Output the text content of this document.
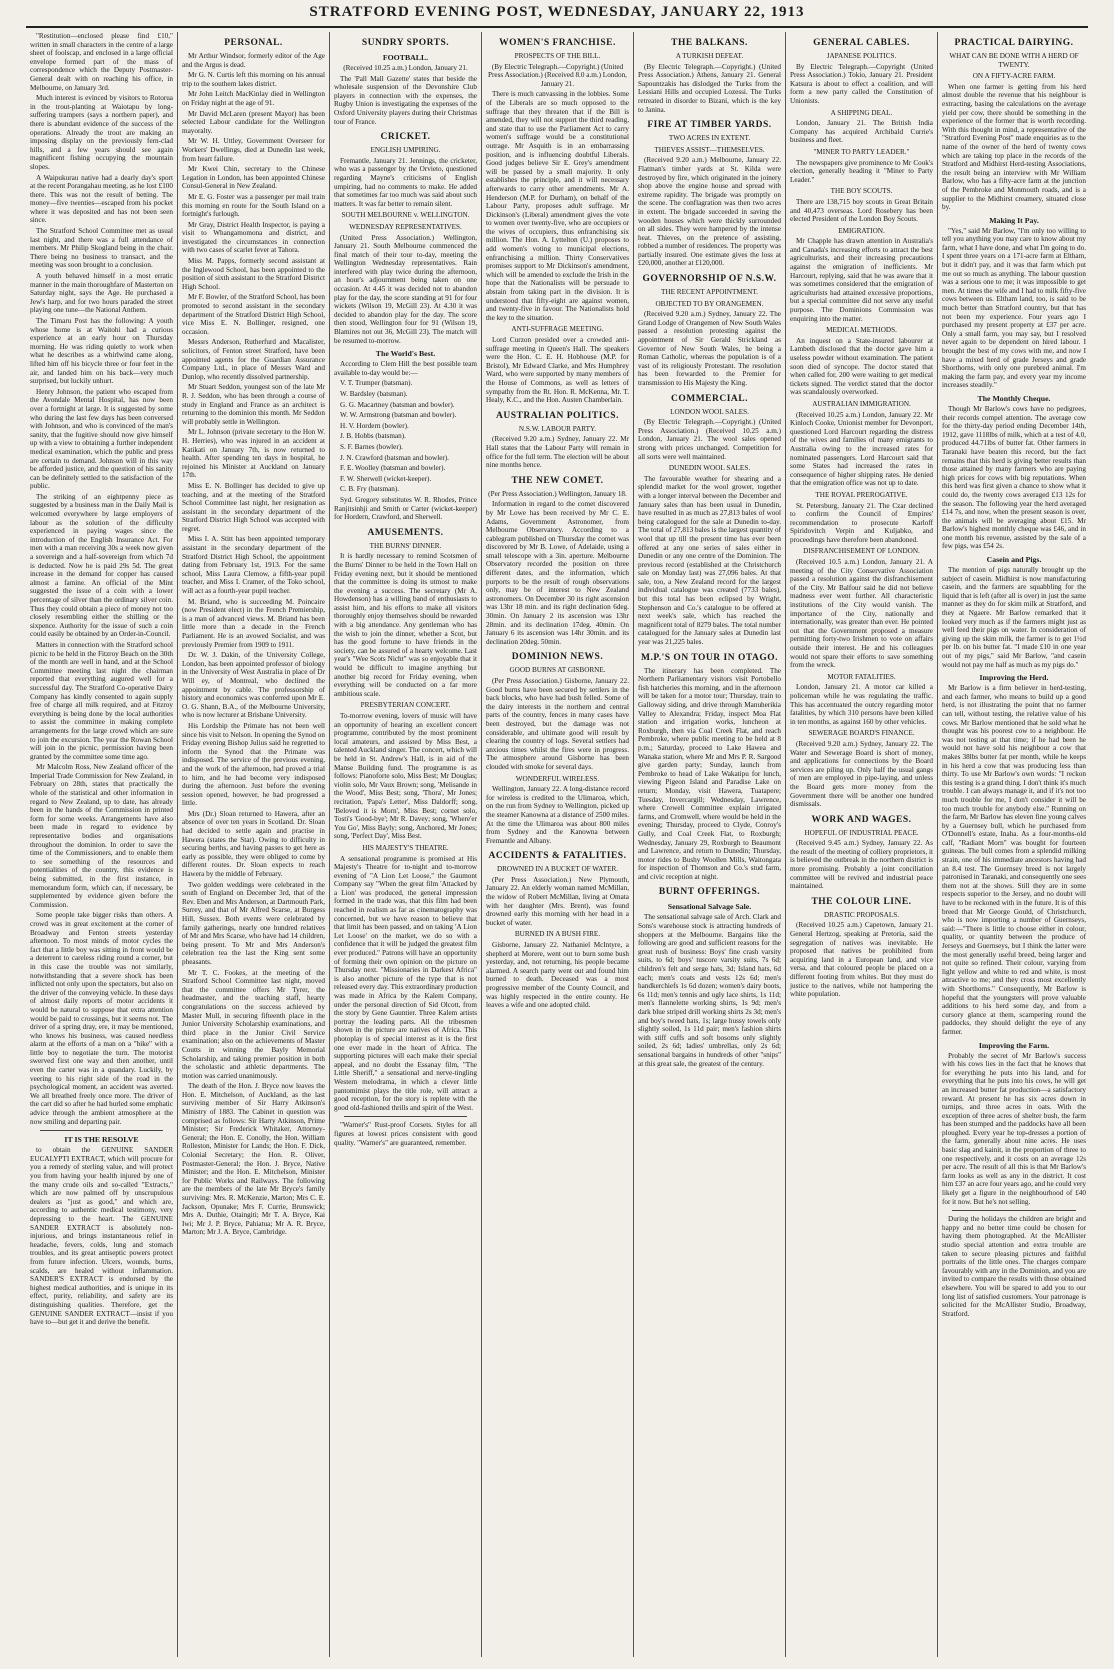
STRATFORD EVENING POST, WEDNESDAY, JANUARY 22, 1913

"Restitution—enclosed please find £10," written in small characters in the centre of a large sheet of foolscap, and enclosed in a large official envelope formed part of the mass of correspondence which the Deputy Postmaster-General dealt with on reaching his office, in Melbourne, on January 3rd.

Much interest is evinced by visitors to Rotorua in the trout-planting at Waiotapu by long-suffering trampers (says a northern paper), and there is abundant evidence of the success of the operations. Already the trout are making an imposing display on the previously fern-clad hills, and a few years should see again magnificent fishing occupying the mountain slopes.

A Waipukurau native had a dearly day's sport at the recent Porangahau meeting, as he lost £100 there. This was not the result of betting. The money—five twenties—escaped from his pocket where it was deposited and has not been seen since.

The Stratford School Committee met as usual last night, and there was a full attendance of members. Mr Philip Skogland being in the chair. There being no business to transact, and the meeting was soon brought to a conclusion.

A youth behaved himself in a most erratic manner in the main thoroughfare of Masterton on Saturday night, says the Age. He purchased a Jew's harp, and for two hours paraded the street playing one tune—the National Anthem.

The Timaru Post has the following: A youth whose home is at Waitohi had a curious experience at an early hour on Thursday morning. He was riding quietly to work when what he describes as a whirlwind came along, lifted him off his bicycle three or four feet in the air, and landed him on his back—very much surprised, but luckily unhurt.

Henry Johnson, the patient who escaped from the Avondale Mental Hospital, has now been over a fortnight at large. It is suggested by some who during the last few days has been conversed with Johnson, and who is convinced of the man's sanity, that the fugitive should now give himself up with a view to obtaining a further independent medical examination, which the public and press are certain to demand. Johnson will in this way be afforded justice, and the question of his sanity can be definitely settled to the satisfaction of the public.

The striking of an eightpenny piece as suggested by a business man in the Daily Mail is welcomed everywhere by large employers of labour as the solution of the difficulty experienced in paying wages since the introduction of the English Insurance Act. For men with a man receiving 30s a week now given a sovereign and a half-sovereign from which 7d is deducted. Now he is paid 29s 5d. The great increase in the demand for copper has caused almost a famine. An official of the Mint suggested the issue of a coin with a lower percentage of silver than the ordinary silver coin. Thus they could obtain a piece of money not too closely resembling either the shilling or the sixpence. Authority for the issue of such a coin could easily be obtained by an Order-in-Council.

Matters in connection with the Stratford school picnic to be held in the Fitzroy Beach on the 30th of the month are well in hand, and at the School Committee meeting last night the chairman reported that everything augured well for a successful day. The Stratford Co-operative Dairy Company has kindly consented to again supply free of charge all milk required, and at Fitzroy everything is being done by the local authorities to assist the committee in making complete arrangements for the large crowd which are sure to join the excursion. The year the Rowan School will join in the picnic, permission having been granted by the committee some time ago.

Mr Malcolm Ross, New Zealand officer of the Imperial Trade Commission for New Zealand, in February on 28th, states that practically the whole of the statistical and other information in regard to New Zealand, up to date, has already been in the hands of the Commission in printed form for some weeks. Arrangements have also been made in regard to evidence by representative bodies and organisations throughout the dominion. In order to save the time of the Commissioners, and to enable them to see something of the resources and potentialities of the country, this evidence is being submitted, in the first instance, in memorandum form, which can, if necessary, be supplemented by evidence given before the Commission.

Some people take bigger risks than others. A crowd was in great excitement at the corner of Broadway and Fenton streets yesterday afternoon. To most minds of motor cycles the fact that a little boy was sitting in front would be a deterrent to careless riding round a corner, but in this case the trouble was not similarly, notwithstanding that a severe shock has been inflicted not only upon the spectators, but also on the driver of the conveying vehicle. In these days of almost daily reports of motor accidents it would be natural to suppose that extra attention would be paid to crossings, but it seems not. The driver of a spring dray, ere, it may be mentioned, who knows his business, was caused needless alarm at the efforts of a man on a "bike" with a little boy to negotiate the turn. The motorist swerved first one way and then another, until even the carter was in a quandary. Luckily, by veering to his right side of the road in the psychological moment, an accident was averted. We all breathed freely once more. The driver of the cart did so after he had hurled some emphatic advice through the ambient atmosphere at the now smiling and departing pair.

IT IS THE RESOLVE

to obtain the GENUINE SANDER EUCALYPTI EXTRACT, which will procure for you a remedy of sterling value, and will protect you from having your health injured by one of the many crude oils and so-called "Extracts," which are now palmed off by unscrupulous dealers as "just as good," and which are, according to authentic medical testimony, very depressing to the heart. The GENUINE SANDER EXTRACT is absolutely non-injurious, and brings instantaneous relief in headache, fevers, colds, lung and stomach troubles, and its great antiseptic powers protect from future infection. Ulcers, wounds, burns, scalds, are healed without inflammation. SANDER'S EXTRACT is endorsed by the highest medical authorities, and is unique in its effect, purity, reliability, and safety are its distinguishing qualities. Therefore, get the GENUINE SANDER EXTRACT—insist if you have to—but get it and derive the benefit.

PERSONAL.

Mr Arthur Windsor, formerly editor of the Age and the Argus is dead.

Mr G. N. Curtis left this morning on his annual trip to the southern lakes district.

Mr John Leitch MacKinlay died in Wellington on Friday night at the age of 91.

Mr David McLaren (present Mayor) has been selected Labour candidate for the Wellington mayoralty.

Mr W. H. Uttley, Government Overseer for Workers' Dwellings, died at Dunedin last week, from heart failure.

Mr Kwei Chin, secretary to the Chinese Legation in London, has been appointed Chinese Consul-General in New Zealand.

Mr E. G. Foster was a passenger per mail train this morning en route for the South Island on a fortnight's furlough.

Mr Gray, District Health Inspector, is paying a visit to Whangamomona and district, and investigated the circumstances in connection with two cases of scarlet fever at Tahora.

Miss M. Papps, formerly second assistant at the Inglewood School, has been appointed to the position of sixth assistant to the Stratford District High School.

Mr F. Bowler, of the Stratford School, has been promoted to second assistant in the secondary department of the Stratford District High School, vice Miss E. N. Bollinger, resigned, one occasion.

Messrs Anderson, Rutherfurd and Macalister, solicitors, of Fenton street Stratford, have been appointed agents for the Guardian Assurance Company Ltd., in place of Messrs Ward and Dunlop, who recently dissolved partnership.

Mr Stuart Seddon, youngest son of the late Mr R. J. Seddon, who has been through a course of study in England and France as an architect is returning to the dominion this month. Mr Seddon will probably settle in Wellington.

Mr L. Johnson (private secretary to the Hon W. H. Herries), who was injured in an accident at Katikati on January 7th, is now returned to health. After spending ten days in hospital, he rejoined his Minister at Auckland on January 17th.

Miss E. N. Bollinger has decided to give up teaching, and at the meeting of the Stratford School Committee last night, her resignation as assistant in the secondary department of the Stratford District High School was accepted with regret.

Miss I. A. Stitt has been appointed temporary assistant in the secondary department of the Stratford District High School, the appointment dating from February 1st, 1913. For the same school, Miss Laura Clemow, a fifth-year pupil teacher, and Miss I. Cramer, of the Toko school, will act as a fourth-year pupil teacher.

M. Briand, who is succeeding M. Poincaire (now President elect) in the French Premiership, is a man of advanced views. M. Briand has been little more than a decade in the French Parliament. He is an avowed Socialist, and was previously Premier from 1909 to 1911.

Dr. W. J. Dakin, of the University College, London, has been appointed professor of biology in the University of West Australia in place of Dr Will ey, of Montreal, who declined the appointment by cable. The professorship of history and economics was conferred upon Mr E. O. G. Shann, B.A., of the Melbourne University, who is now lecturer at Brisbane University.

His Lordship the Primate has not been well since his visit to Nelson. In opening the Synod on Friday evening Bishop Julius said he regretted to inform the Synod that the Primate was indisposed. The service of the previous evening, and the work of the afternoon, had proved a trial to him, and he had become very indisposed during the afternoon. Just before the evening session opened, however, he had progressed a little.

Mrs (Dr.) Sloan returned to Hawera, after an absence of over ten years in Scotland. Dr. Sloan had decided to settle again and practise in Hawera (states the Star). Owing to difficulty in securing berths, and having passes to get here as early as possible, they were obliged to come by different routes. Dr. Sloan expects to reach Hawera by the middle of February.

Two golden weddings were celebrated in the south of England on December 3rd, that of the Rev. Eben and Mrs Anderson, at Dartmouth Park, Surrey, and that of Mr Alfred Scarse, at Burgess Hill, Sussex. Both events were celebrated by family gatherings, nearly one hundred relatives of Mr and Mrs Scarse, who have had 14 children, being present. To Mr and Mrs Anderson's celebration tea the last the King sent some pheasants.

Mr T. C. Fookes, at the meeting of the Stratford School Committee last night, moved that the committee offers Mr Tyrer, the headmaster, and the teaching staff, hearty congratulations on the success achieved by Master Mull, in securing fifteenth place in the Junior University Scholarship examinations, and third place in the Junior Civil Service examination; also on the achievements of Master Coutts in winning the Bayly Memorial Scholarship, and taking premier position in both the scholastic and athletic departments. The motion was carried unanimously.

The death of the Hon. J. Bryce now leaves the Hon. E. Mitchelson, of Auckland, as the last surviving member of Sir Harry Atkinson's Ministry of 1883. The Cabinet in question was comprised as follows: Sir Harry Atkinson, Prime Minister; Sir Frederick Whitaker, Attorney-General; the Hon. E. Conolly, the Hon. William Rolleston, Minister for Lands; the Hon. F. Dick, Colonial Secretary; the Hon. R. Oliver, Postmaster-General; the Hon. J. Bryce, Native Minister; and the Hon. E. Mitchelson, Minister for Public Works and Railways. The following are the members of the late Mr Bryce's family surviving: Mrs. R. McKenzie, Marton; Mrs C. E. Jackson, Opunake; Mrs F. Currie, Brunswick; Mrs A. Duthie, Otaingiti; Mr T. A. Bryce, Kai Iwi; Mr J. P. Bryce, Pahiatua; Mr A. R. Bryce, Marton; Mr J. A. Bryce, Cambridge.

SUNDRY SPORTS.
FOOTBALL.

(Received 10.25 a.m.) London, January 21.

The 'Pall Mall Gazette' states that beside the wholesale suspension of the Devonshire Club players in connection with the expenses, the Rugby Union is investigating the expenses of the Oxford University players during their Christmas tour of France.

CRICKET.
ENGLISH UMPIRING.

Fremantle, January 21. Jennings, the cricketer, who was a passenger by the Orvieto, questioned regarding Mayne's criticisms of English umpiring, had no comments to make. He added that sometimes far too much was said about such matters. It was far better to remain silent.

SOUTH MELBOURNE v. WELLINGTON.
WEDNESDAY REPRESENTATIVES.

(United Press Association.) Wellington, January 21. South Melbourne commenced the final match of their tour to-day, meeting the Wellington Wednesday representatives. Rain interfered with play twice during the afternoon, an hour's adjournment being taken on one occasion. At 4.45 it was decided not to abandon play for the day, the score standing at 91 for four wickets (Wilson 19, McGill 23). At 4.30 it was decided to abandon play for the day. The score then stood, Wellington four for 91 (Wilson 19, Blamires not out 36, McGill 23). The match will be resumed to-morrow.

The World's Best.

According to Clem Hill the best possible team available to-day would be:—

V. T. Trumper (batsman).

W. Bardsley (batsman).

G. G. Macartney (batsman and bowler).

W. W. Armstrong (batsman and bowler).

H. V. Hordern (bowler).

J. B. Hobbs (batsman).

S. F. Barnes (bowler).

J. N. Crawford (batsman and bowler).

F. E. Woolley (batsman and bowler).

F. W. Sherwell (wicket-keeper).

C. B. Fry (batsman).

Syd. Gregory substitutes W. R. Rhodes, Prince Ranjitsinhji and Smith or Carter (wicket-keeper) for Hordern, Crawford, and Sherwell.

AMUSEMENTS.
THE BURNS' DINNER.

It is hardly necessary to remind Scotsmen of the Burns' Dinner to be held in the Town Hall on Friday evening next, but it should be mentioned that the committee is doing its utmost to make the evening a success. The secretary (Mr A. Howdenson) has a willing band of enthusiasts to assist him, and his efforts to make all visitors thoroughly enjoy themselves should be rewarded with a big attendance. Any gentleman who has the wish to join the dinner, whether a Scot, but has the good fortune to have friends in the society, can be assured of a hearty welcome. Last year's "Wee Scots Nicht" was so enjoyable that it would be difficult to imagine anything but another big record for Friday evening, when everything will be conducted on a far more ambitious scale.

PRESBYTERIAN CONCERT.

To-morrow evening, lovers of music will have an opportunity of hearing an excellent concert programme, contributed by the most prominent local amateurs, and assisted by Miss Best, a talented Auckland singer. The concert, which will be held in St. Andrew's Hall, is in aid of the Manse Building fund. The programme is as follows: Pianoforte solo, Miss Best; Mr Douglas; violin solo, Mr Vaux Brown; song, 'Melisande in the Wood', Miss Best; song, 'Thora', Mr Jones; recitation, 'Papa's Letter', Miss Daldorff; song, 'Beloved it is Morn', Miss Best; cornet solo, Tosti's 'Good-bye'; Mr R. Davey; song, 'Where'er You Go', Miss Bayly; song, Anchored, Mr Jones; song, 'Perfect Day', Miss Best.

HIS MAJESTY'S THEATRE.

A sensational programme is promised at His Majesty's Theatre for to-night and to-morrow evening of "A Lion Let Loose," the Gaumont Company say "When the great film 'Attacked by a Lion' was produced, the general impression formed in the trade was, that this film had been reached in realism as far as cinematography was concerned, but we have reason to believe that that limit has been passed, and on taking 'A Lion Let Loose' on the market, we do so with a confidence that it will be judged the greatest film ever produced." Patrons will have an opportunity of forming their own opinion on the picture on Thursday next. "Missionaries in Darkest Africa" is also another picture of the type that is not released every day. This extraordinary production was made in Africa by the Kalem Company, under the personal direction of Sid Olcott, from the story by Gene Gauntier. Three Kalem artists portray the leading parts. All the tribesmen shown in the picture are natives of Africa. This photoplay is of special interest as it is the first one ever made in the heart of Africa. The supporting pictures will each make their special appeal, and no doubt the Essanay film, "The Little Sheriff," a sensational and nerve-tingling Western melodrama, in which a clever little pantomimist plays the title role, will attract a good reception, for the story is replete with the good old-fashioned thrills and spirit of the West.

"Warner's" Rust-proof Corsets. Styles for all figures at lowest prices consistent with good quality. "Warner's" are guaranteed, remember.

WOMEN'S FRANCHISE.
PROSPECTS OF THE BILL.

(By Electric Telegraph.—Copyright.) (United Press Association.) (Received 8.0 a.m.) London, January 21.

There is much canvassing in the lobbies. Some of the Liberals are so much opposed to the suffrage that they threaten that if the Bill is amended, they will not support the third reading, and state that to use the Parliament Act to carry women's suffrage would be a constitutional outrage. Mr Asquith is in an embarrassing position, and is influencing doubtful Liberals. Good judges believe Sir E. Grey's amendment will be passed by a small majority. It only establishes the principle, and it will necessary afterwards to carry other amendments. Mr A. Henderson (M.P. for Durham), on behalf of the Labour Party, proposes adult suffrage. Mr Dickinson's (Liberal) amendment gives the vote to women over twenty-five, who are occupiers or the wives of occupiers, thus enfranchising six million. The Hon. A. Lyttelton (U.) proposes to add women's voting to municipal elections, enfranchising a million. Thirty Conservatives promises support to Mr Dickinson's amendment, which will be amended to exclude the Irish in the hope that the Nationalists will be persuade to abstain from taking part in the division. It is understood that fifty-eight are against women, and twenty-five in favour. The Nationalists hold the key to the situation.

ANTI-SUFFRAGE MEETING.

Lord Curzon presided over a crowded anti-suffrage meeting in Queen's Hall. The speakers were the Hon. C. E. H. Hobhouse (M.P. for Bristol), Mr Edward Clarke, and Mrs Humphrey Ward, who were supported by many members of the House of Commons, as well as letters of sympathy from the Rt. Hon. R. McKenna, Mr. T. Healy, K.C., and the Hon. Austen Chamberlain.

AUSTRALIAN POLITICS.
N.S.W. LABOUR PARTY.

(Received 9.20 a.m.) Sydney, January 22. Mr Hall states that the Labour Party will remain in office for the full term. The election will be about nine months hence.

THE NEW COMET.

(Per Press Association.) Wellington, January 18.

Information in regard to the comet discovered by Mr Lowe has been received by Mr C. E. Adams, Government Astronomer, from Melbourne Observatory. According to a cablegram published on Thursday the comet was discovered by Mr B. Lowe, of Adelaide, using a small telescope with a 3in. aperture. Melbourne Observatory recorded the position on three different dates, and the information, which purports to be the result of rough observations only, may be of interest to New Zealand astronomers. On December 30 its right ascension was 13hr 18 min. and its right declination 6deg. 30min. On January 2 its ascension was 13hr 28min. and its declination 17deg. 40min. On January 6 its ascension was 14hr 30min. and its declination 20deg. 50min.

DOMINION NEWS.
GOOD BURNS AT GISBORNE.

(Per Press Association.) Gisborne, January 22. Good burns have been secured by settlers in the back blocks, who have had bush felled. Some of the dairy interests in the northern and central parts of the country, fences in many cases have been destroyed, but the damage was not considerable, and ultimate good will result by clearing the country of logs. Several settlers had anxious times whilst the fires were in progress. The atmosphere around Gisborne has been clouded with smoke for several days.

WONDERFUL WIRELESS.

Wellington, January 22. A long-distance record for wireless is credited to the Ulimaroa, which, on the run from Sydney to Wellington, picked up the steamer Kanowna at a distance of 2500 miles. At the time the Ulimaroa was about 800 miles from Sydney and the Kanowna between Fremantle and Albany.

ACCIDENTS & FATALITIES.
DROWNED IN A BUCKET OF WATER.

(Per Press Association.) New Plymouth, January 22. An elderly woman named McMillan, the widow of Robert McMillan, living at Omata with her daughter (Mrs. Brent), was found drowned early this morning with her head in a bucket of water.

BURNED IN A BUSH FIRE.

Gisborne, January 22. Nathaniel McIntyre, a shepherd at Morere, went out to burn some bush yesterday, and, not returning, his people became alarmed. A search party went out and found him burned to death. Deceased was a most progressive member of the County Council, and was highly respected in the entire county. He leaves a wife and one adopted child.

THE BALKANS.
A TURKISH DEFEAT.

(By Electric Telegraph.—Copyright.) (United Press Association.) Athens, January 21. General Sapountzakis has dislodged the Turks from the Lessiani Hills and occupied Lozessi. The Turks retreated in disorder to Bizani, which is the key to Janina.

FIRE AT TIMBER YARDS.
TWO ACRES IN EXTENT.
THIEVES ASSIST—THEMSELVES.

(Received 9.20 a.m.) Melbourne, January 22. Flatman's timber yards at St. Kilda were destroyed by fire, which originated in the joinery shop above the engine house and spread with extreme rapidity. The brigade was promptly on the scene. The conflagration was then two acres in extent. The brigade succeeded in saving the wooden houses which were thickly surrounded on all sides. They were hampered by the intense heat. Thieves, on the pretence of assisting, robbed a number of residences. The property was partially insured. One estimate gives the loss at £20,000, another at £120,000.

GOVERNORSHIP OF N.S.W.
THE RECENT APPOINTMENT.
OBJECTED TO BY ORANGEMEN.

(Received 9.20 a.m.) Sydney, January 22. The Grand Lodge of Orangemen of New South Wales passed a resolution protesting against the appointment of Sir Gerald Strickland as Governor of New South Wales, he being a Roman Catholic, whereas the population is of a vast of its religiously Protestant. The resolution has been forwarded to the Premier for transmission to His Majesty the King.

COMMERCIAL.
LONDON WOOL SALES.

(By Electric Telegraph.—Copyright.) (United Press Association.) (Received 10.25 a.m.) London, January 21. The wool sales opened strong with prices unchanged. Competition for all sorts were well maintained.

DUNEDIN WOOL SALES.

The favourable weather for shearing and a splendid market for the wool grower, together with a longer interval between the December and January sales than has been usual in Dunedin, have resulted in as much as 27,813 bales of wool being catalogued for the sale at Dunedin to-day. The total of 27,813 bales is the largest quantity of wool that up till the present time has ever been offered at any one series of sales either in Dunedin or any one centre of the Dominion. The previous record (established at the Christchurch sale on Monday last) was 27,096 bales. At that sale, too, a New Zealand record for the largest individual catalogue was created (7733 bales), but this total has been eclipsed by Wright, Stephenson and Co.'s catalogue to be offered at next week's sale, which has reached the magnificent total of 8279 bales. The total number catalogued for the January sales at Dunedin last year was 21,225 bales.

M.P.'S ON TOUR IN OTAGO.

The itinerary has been completed. The Northern Parliamentary visitors visit Portobello fish hatcheries this morning, and in the afternoon will be taken for a motor tour; Thursday, train to Galloway siding, and drive through Manuherikia Valley to Alexandra; Friday, inspect Moa Flat station and irrigation works, luncheon at Roxburgh, then via Coal Creek Flat, and reach Pembroke, where public meeting to be held at 8 p.m.; Saturday, proceed to Lake Hawea and Wanaka station, where Mr and Mrs P. R. Sargood give garden party; Sunday, launch from Pembroke to head of Lake Wakatipu for lunch, viewing Pigeon Island and Paradise Lake on return; Monday, visit Hawera, Tuatapere; Tuesday, Invercargill; Wednesday, Lawrence, where Crewell Committee explain irrigated farms, and Cromwell, where would be held in the evening; Thursday, proceed to Clyde, Conroy's Gully, and Coal Creek Flat, to Roxburgh; Wednesday, January 29, Roxburgh to Beaumont and Lawrence, and return to Dunedin; Thursday, motor rides to Bushy Woollen Mills, Waitongata for inspection of Thomson and Co.'s stud farm, and civic reception at night.

BURNT OFFERINGS.
Sensational Salvage Sale.

The sensational salvage sale of Arch. Clark and Sons's warehouse stock is attracting hundreds of shoppers at the Melbourne. Bargains like the following are good and sufficient reasons for the great rush of business: Boys' fine crash varsity suits, to 6d; boys' tuscore varsity suits, 7s 6d; children's felt and serge hats, 3d; Island hats, 6d each; men's coats and vests 12s 6d; men's handkerchiefs 1s 6d dozen; women's dairy boots, 6s 11d; men's tennis and ugly lace shirts, 1s 11d; men's flannelette working shirts, 1s 9d; men's dark blue striped drill working shirts 2s 3d; men's and boy's tweed hats, 1s; large hussy towels only slightly soiled, 1s 11d pair; men's fashion shirts with stiff cuffs and soft bosoms only slightly soiled, 2s 6d; ladies' umbrellas, only 2s 6d; sensational bargains in hundreds of other "snips" at this great sale, the greatest of the century.

GENERAL CABLES.
JAPANESE POLITICS.

By Electric Telegraph.—Copyright (United Press Association.) Tokio, January 21. President Katsura is about to effect a coalition, and will form a new party called the Constitution of Unionists.

A SHIPPING DEAL.

London, January 21. The British India Company has acquired Archibald Currie's business and fleet.

"MINER TO PARTY LEADER."

The newspapers give prominence to Mr Cook's election, generally heading it "Miner to Party Leader."

THE BOY SCOUTS.

There are 138,715 boy scouts in Great Britain and 40,473 overseas. Lord Rosebery has been elected President of the London Boy Scouts.

EMIGRATION.

Mr Chapple has drawn attention in Australia's and Canada's increasing efforts to attract the best agriculturists, and their increasing precautions against the emigration of inefficients. Mr Harcourt, replying, said that he was aware that it was sometimes considered that the emigration of agriculturists had attained excessive proportions, but a special committee did not serve any useful purpose. The Dominions Commission was enquiring into the matter.

MEDICAL METHODS.

An inquest on a State-insured labourer at Lambeth disclosed that the doctor gave him a useless powder without examination. The patient soon died of syncope. The doctor stated that when called for, 200 were waiting to get medical tickets signed. The verdict stated that the doctor was scandalously overworked.

AUSTRALIAN IMMIGRATION.

(Received 10.25 a.m.) London, January 22. Mr Kinloch Cooke, Unionist member for Devonport, questioned Lord Harcourt regarding the distress of the wives and families of many emigrants to Australia owing to the increased rates for nominated passengers. Lord Harcourt said that some States had increased the rates in consequence of higher shipping rates. He denied that the emigration office was not up to date.

THE ROYAL PREROGATIVE.

St. Petersburg, January 21. The Czar declined to confirm the Council of Empires' recommendation to prosecute Karloff Spiridovitch Verpin and Kuljabko, and proceedings have therefore been abandoned.

DISFRANCHISEMENT OF LONDON.

(Received 10.5 a.m.) London, January 21. A meeting of the City Conservative Association passed a resolution against the disfranchisement of the City. Mr Balfour said he did not believe madness ever went further. All characteristic institutions of the City would vanish. The importance of the City, nationally and internationally, was greater than ever. He pointed out that the Government proposed a measure permitting forty-two Irishmen to vote on affairs outside their interest. He and his colleagues would not spare their efforts to save something from the wreck.

MOTOR FATALITIES.

London, January 21. A motor car killed a policeman while he was regulating the traffic. This has accentuated the outcry regarding motor fatalities, by which 310 persons have been killed in ten months, as against 160 by other vehicles.

SEWERAGE BOARD'S FINANCE.

(Received 9.20 a.m.) Sydney, January 22. The Water and Sewerage Board is short of money, and applications for connections by the Board services are piling up. Only half the usual gangs of men are employed in pipe-laying, and unless the Board gets more money from the Government there will be another one hundred dismissals.

WORK AND WAGES.
HOPEFUL OF INDUSTRIAL PEACE.

(Received 9.45 a.m.) Sydney, January 22. As the result of the meeting of colliery proprietors, it is believed the outbreak in the northern district is more promising. Probably a joint conciliation committee will be revived and industrial peace maintained.

THE COLOUR LINE.
DRASTIC PROPOSALS.

(Received 10.25 a.m.) Capetown, January 21. General Hertzog, speaking at Pretoria, said the segregation of natives was inevitable. He proposed that natives be prohibited from acquiring land in a European land, and vice versa, and that coloured people be placed on a different footing from whites. But they must do justice to the natives, while not hampering the white population.

PRACTICAL DAIRYING.
WHAT CAN BE DONE WITH A HERD OF TWENTY.
ON A FIFTY-ACRE FARM.

When one farmer is getting from his herd almost double the revenue that his neighbour is extracting, basing the calculations on the average yield per cow, there should be something in the experience of the former that is worth recording. With this thought in mind, a representative of the "Stratford Evening Post" made enquiries as to the name of the owner of the herd of twenty cows which are taking top place in the records of the Stratford and Midhirst Herd-testing Associations, the result being an interview with Mr William Barlow, who has a fifty-acre farm at the junction of the Pembroke and Monmouth roads, and is a supplier to the Midhirst creamery, situated close by.

Making It Pay.

"Yes," said Mr Barlow, "I'm only too willing to tell you anything you may care to know about my farm, what I have done, and what I'm going to do. I spent three years on a 171-acre farm at Eltham, but it didn't pay, and it was that farm which put me out so much as anything. The labour question was a serious one to me; it was impossible to get men. At times the wife and I had to milk fifty-five cows between us. Eltham land, too, is said to be much better than Stratford country, but that has not been my experience. Four years ago I purchased my present property at £37 per acre. Only a small farm, you may say, but I resolved never again to be dependent on hired labour. I brought the best of my cows with me, and now I have a mixed herd of grade Jerseys and grade Shorthorns, with only one purebred animal. I'm making the farm pay, and every year my income increases steadily."

The Monthly Cheque.

Though Mr Barlow's cows have no pedigrees, their records compel attention. The average cow for the thirty-day period ending December 14th, 1912, gave 1118lbs of milk, which at a test of 4.0, produced 44.71lbs of butter fat. Other farmers in Taranaki have beaten this record, but the fact remains that this herd is giving better results than those attained by many farmers who are paying high prices for cows with big reputations. When this herd was first given a chance to show what it could do, the twenty cows averaged £13 12s for the season. The following year the herd averaged £14 7s, and now, when the present season is over, the animals will be averaging about £15. Mr Barlow's highest monthly cheque was £46, and in one month his revenue, assisted by the sale of a few pigs, was £54 2s.

Casein and Pigs.

The mention of pigs naturally brought up the subject of casein. Midhirst is now manufacturing casein, and the farmers are squabbling for the liquid that is left (after all is over) in just the same manner as they do for skim milk at Stratford, and they at Ngaere. Mr Barlow remarked that it looked very much as if the farmers might just as well feed their pigs on water. In consideration of giving up the skim milk, the farmer is to get 1½d per lb. on his butter fat. "I made £10 in one year out of my pigs," said Mr Barlow, "and casein would not pay me half as much as my pigs do."

Improving the Herd.

Mr Barlow is a firm believer in herd-testing, and each farmer, who means to build up a good herd, is not illustrating the point that no farmer can tell, without testing, the relative value of his cows. Mr Barlow mentioned that he sold what he thought was his poorest cow to a neighbour. He was not testing at that time; if he had been he would not have sold his neighbour a cow that makes 38lbs butter fat per month, while he keeps in his herd a cow that was producing less than thirty. To use Mr Barlow's own words: "I reckon this testing is a grand thing. I don't think it's much trouble. I can always manage it, and if it's not too much trouble for me, I don't consider it will be too much trouble for anybody else." Running on the farm, Mr Barlow has eleven fine young calves by a Guernsey bull, which he purchased from O'Donnell's estate, Inaha. As a four-months-old calf, "Radiant Morn" was bought for fourteen guineas. The bull comes from a splendid milking strain, one of his immediate ancestors having had an 8.4 test. The Guernsey breed is not largely patronised in Taranaki, and consequently one sees them not at the shows. Still they are in some respects superior to the Jersey, and no doubt will have to be reckoned with in the future. It is of this breed that Mr George Gould, of Christchurch, who is now importing a number of Guernseys, said:—"There is little to choose either in colour, quality, or quantity between the produce of Jerseys and Guernseys, but I think the latter were the most generally useful breed, being larger and not quite so refined. Their colour, varying from light yellow and white to red and white, is most attractive to me; and they cross most excellently with Shorthorns." Consequently, Mr Barlow is hopeful that the youngsters will prove valuable additions to his herd some day, and from a cursory glance at them, scampering round the paddocks, they should delight the eye of any farmer.

Improving the Farm.

Probably the secret of Mr Barlow's success with his cows lies in the fact that he knows that for everything he puts into his land, and for everything that he puts into his cows, he will get an increased butter fat production—a satisfactory reward. At present he has six acres down in turnips, and three acres in oats. With the exception of three acres of shelter bush, the farm has been stumped and the paddocks have all been ploughed. Every year he top-dresses a portion of the farm, generally about nine acres. He uses basic slag and kainit, in the proportion of three to one respectively, and it costs on an average 12s per acre. The result of all this is that Mr Barlow's farm looks as well as any in the district. It cost him £37 an acre four years ago, and he could very likely get a figure in the neighbourhood of £40 for it now. But he's not selling.

During the holidays the children are bright and happy and no better time could be chosen for having them photographed. At the McAllister studio special attention and extra trouble are taken to secure pleasing pictures and faithful portraits of the little ones. The charges compare favourably with any in the Dominion, and you are invited to compare the results with those obtained elsewhere. You will be spared to add you to our long list of satisfied customers. Your patronage is solicited for the McAllister Studio, Broadway, Stratford.
